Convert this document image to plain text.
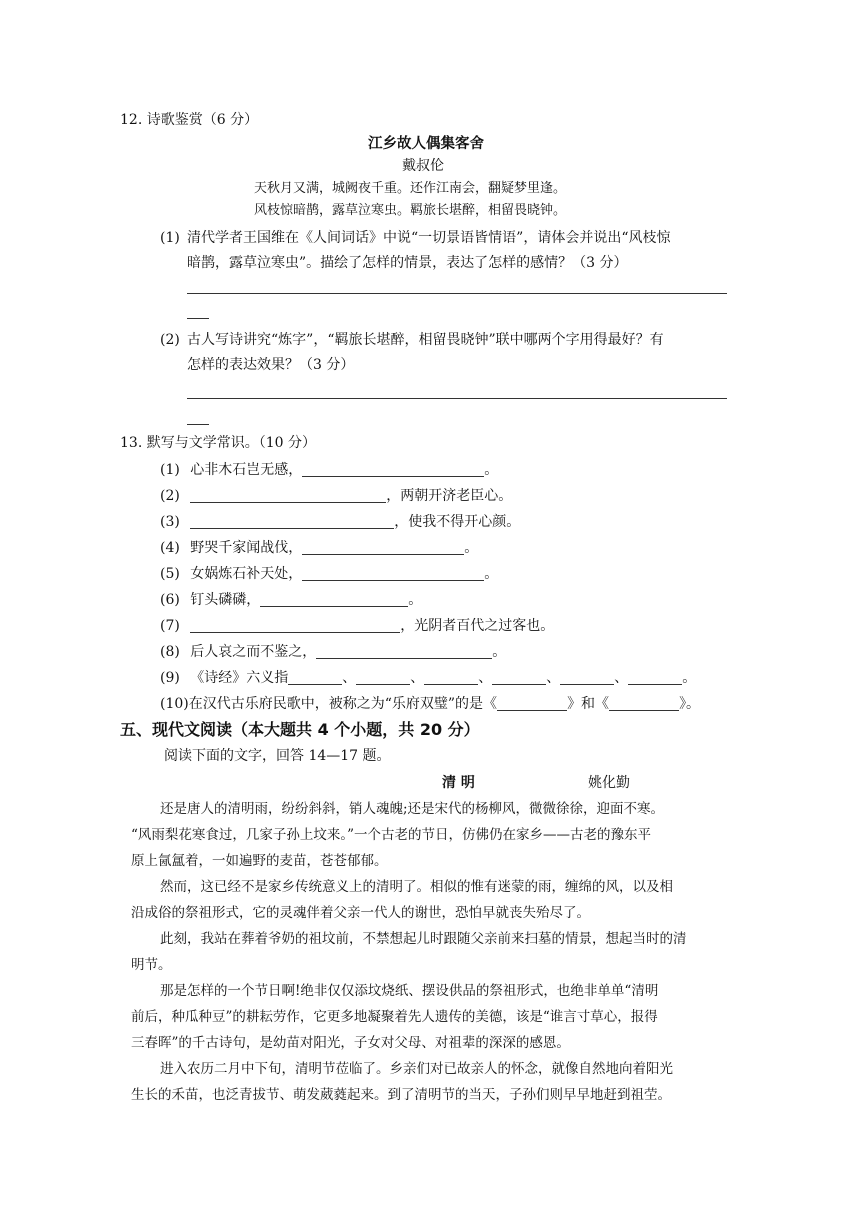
12. 诗歌鉴赏（6 分）
江乡故人偶集客舍
戴叔伦
天秋月又满，城阙夜千重。还作江南会，翻疑梦里逢。
风枝惊暗鹊，露草泣寒虫。羁旅长堪醉，相留畏晓钟。
(1) 清代学者王国维在《人间词话》中说“一切景语皆情语”，请体会并说出“风枝惊
暗鹊，露草泣寒虫”。描绘了怎样的情景，表达了怎样的感情？（3 分）
(2) 古人写诗讲究“炼字”，“羁旅长堪醉，相留畏晓钟”联中哪两个字用得最好？有
怎样的表达效果？（3 分）
13. 默写与文学常识。（10 分）
(1) 心非木石岂无感，	。
(2)	，两朝开济老臣心。
(3)	，使我不得开心颜。
(4) 野哭千家闻战伐，	。
(5) 女娲炼石补天处，	。
(6) 钉头磷磷，	。
(7)	，光阴者百代之过客也。
(8) 后人哀之而不鉴之，	。
(9) 《诗经》六义指	、	、	、	、	、	。
(10)在汉代古乐府民歌中，被称之为“乐府双璧”的是《	》和《	》。
五、现代文阅读（本大题共 4 个小题，共 20 分）
阅读下面的文字，回答 14—17 题。
清 明	姚化勤
还是唐人的清明雨，纷纷斜斜，销人魂魄;还是宋代的杨柳风，微微徐徐，迎面不寒。
“风雨梨花寒食过，几家子孙上坟来。”一个古老的节日，仿佛仍在家乡——古老的豫东平
原上氤氲着，一如遍野的麦苗，苍苍郁郁。
然而，这已经不是家乡传统意义上的清明了。相似的惟有迷蒙的雨，缠绵的风，以及相
沿成俗的祭祖形式，它的灵魂伴着父亲一代人的谢世，恐怕早就丧失殆尽了。
此刻，我站在葬着爷奶的祖坟前，不禁想起儿时跟随父亲前来扫墓的情景，想起当时的清
明节。
那是怎样的一个节日啊!绝非仅仅添坟烧纸、摆设供品的祭祖形式，也绝非单单“清明
前后，种瓜种豆”的耕耘劳作，它更多地凝聚着先人遗传的美德，该是“谁言寸草心，报得
三春晖”的千古诗句，是幼苗对阳光，子女对父母、对祖辈的深深的感恩。
进入农历二月中下旬，清明节莅临了。乡亲们对已故亲人的怀念，就像自然地向着阳光
生长的禾苗，也泛青拔节、萌发葳蕤起来。到了清明节的当天，子孙们则早早地赶到祖茔。
